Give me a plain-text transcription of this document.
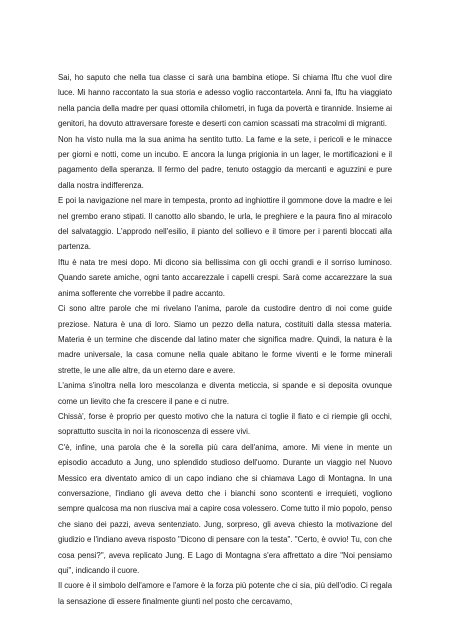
Sai, ho saputo che nella tua classe ci sarà una bambina etiope. Si chiama Iftu che vuol dire luce. Mi hanno raccontato la sua storia e adesso voglio raccontartela. Anni fa, Iftu ha viaggiato nella pancia della madre per quasi ottomila chilometri, in fuga da povertà e tirannide. Insieme ai genitori, ha dovuto attraversare foreste e deserti con camion scassati ma stracolmi di migranti.

Non ha visto nulla ma la sua anima ha sentito tutto. La fame e la sete, i pericoli e le minacce per giorni e notti, come un incubo. E ancora la lunga prigionia in un lager, le mortificazioni e il pagamento della speranza. Il fermo del padre, tenuto ostaggio da mercanti e aguzzini e pure dalla nostra indifferenza.

E poi la navigazione nel mare in tempesta, pronto ad inghiottire il gommone dove la madre e lei nel grembo erano stipati. Il canotto allo sbando, le urla, le preghiere e la paura fino al miracolo del salvataggio. L'approdo nell'esilio, il pianto del sollievo e il timore per i parenti bloccati alla partenza.

Iftu è nata tre mesi dopo. Mi dicono sia bellissima con gli occhi grandi e il sorriso luminoso. Quando sarete amiche, ogni tanto accarezzale i capelli crespi. Sarà come accarezzare la sua anima sofferente che vorrebbe il padre accanto.

Ci sono altre parole che mi rivelano l'anima, parole da custodire dentro di noi come guide preziose. Natura è una di loro. Siamo un pezzo della natura, costituiti dalla stessa materia. Materia è un termine che discende dal latino mater che significa madre. Quindi, la natura è la madre universale, la casa comune nella quale abitano le forme viventi e le forme minerali strette, le une alle altre, da un eterno dare e avere.

L'anima s'inoltra nella loro mescolanza e diventa meticcia, si spande e si deposita ovunque come un lievito che fa crescere il pane e ci nutre.

Chissà', forse è proprio per questo motivo che la natura ci toglie il fiato e ci riempie gli occhi, soprattutto suscita in noi la riconoscenza di essere vivi.

C'è, infine, una parola che è la sorella più cara dell'anima, amore. Mi viene in mente un episodio accaduto a Jung, uno splendido studioso dell'uomo. Durante un viaggio nel Nuovo Messico era diventato amico di un capo indiano che si chiamava Lago di Montagna. In una conversazione, l'indiano gli aveva detto che i bianchi sono scontenti e irrequieti, vogliono sempre qualcosa ma non riusciva mai a capire cosa volessero. Come tutto il mio popolo, penso che siano dei pazzi, aveva sentenziato. Jung, sorpreso, gli aveva chiesto la motivazione del giudizio e l'indiano aveva risposto "Dicono di pensare con la testa". "Certo, è ovvio! Tu, con che cosa pensi?", aveva replicato Jung. E Lago di Montagna s'era affrettato a dire "Noi pensiamo qui", indicando il cuore.

Il cuore è il simbolo dell'amore e l'amore è la forza più potente che ci sia, più dell'odio. Ci regala la sensazione di essere finalmente giunti nel posto che cercavamo,
